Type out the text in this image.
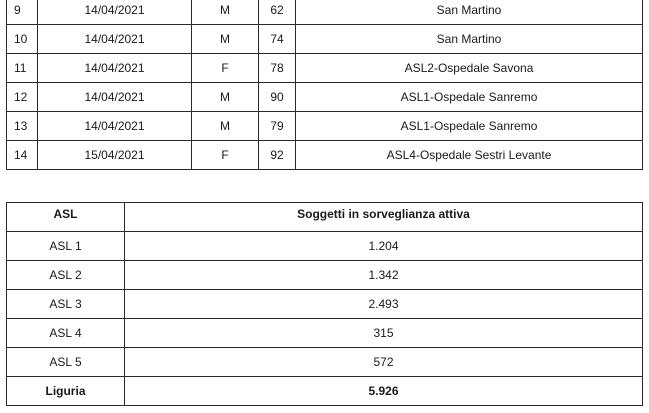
9	14/04/2021	M	62	San Martino
10	14/04/2021	M	74	San Martino
11	14/04/2021	F	78	ASL2-Ospedale Savona
12	14/04/2021	M	90	ASL1-Ospedale Sanremo
13	14/04/2021	M	79	ASL1-Ospedale Sanremo
14	15/04/2021	F	92	ASL4-Ospedale Sestri Levante
ASL	Soggetti in sorveglianza attiva
ASL 1	1.204
ASL 2	1.342
ASL 3	2.493
ASL 4	315
ASL 5	572
Liguria	5.926
